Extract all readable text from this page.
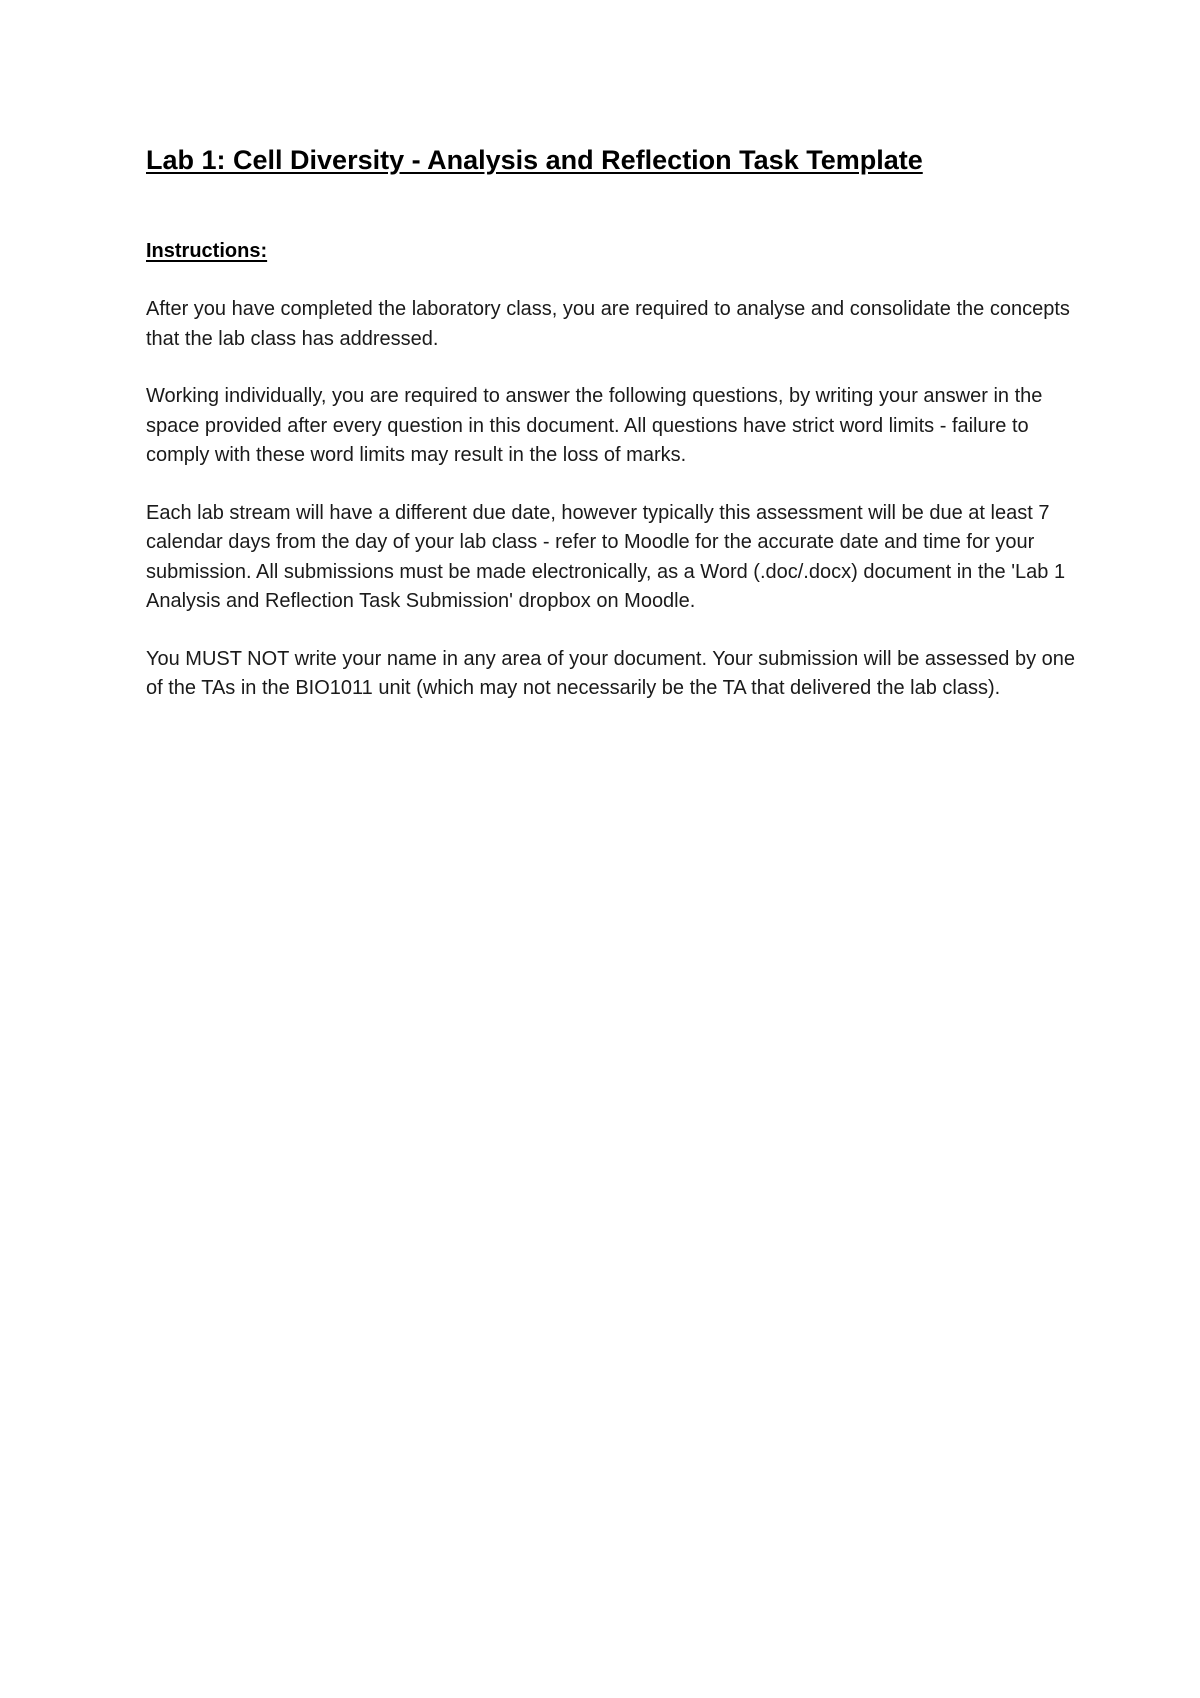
Lab 1: Cell Diversity - Analysis and Reflection Task Template
Instructions:

After you have completed the laboratory class, you are required to analyse and consolidate the concepts that the lab class has addressed.

Working individually, you are required to answer the following questions, by writing your answer in the space provided after every question in this document. All questions have strict word limits - failure to comply with these word limits may result in the loss of marks.

Each lab stream will have a different due date, however typically this assessment will be due at least 7 calendar days from the day of your lab class - refer to Moodle for the accurate date and time for your submission. All submissions must be made electronically, as a Word (.doc/.docx) document in the 'Lab 1 Analysis and Reflection Task Submission' dropbox on Moodle.

You MUST NOT write your name in any area of your document. Your submission will be assessed by one of the TAs in the BIO1011 unit (which may not necessarily be the TA that delivered the lab class).
